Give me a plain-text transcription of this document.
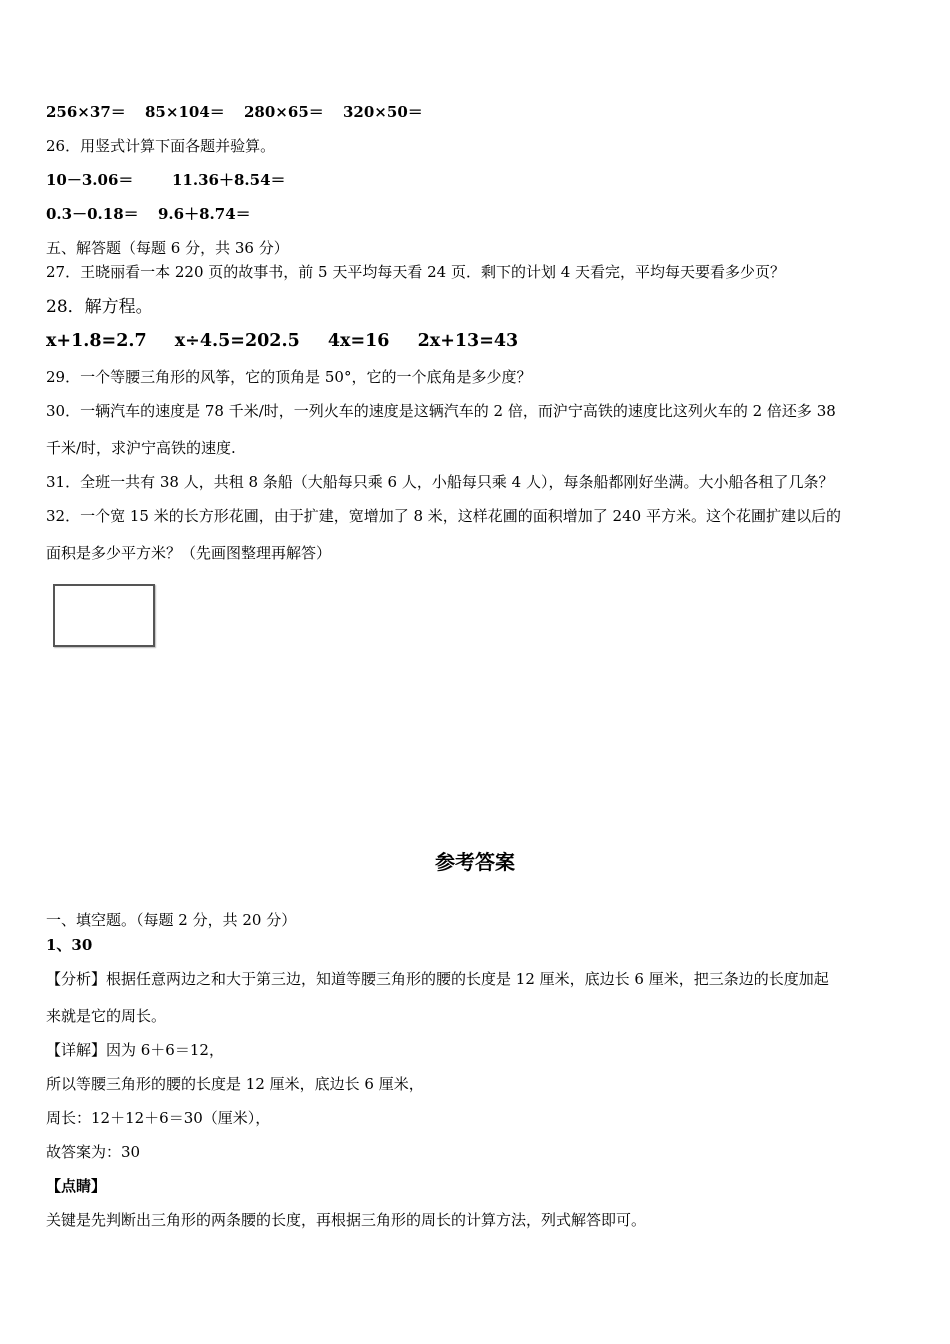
256×37＝ 85×104＝ 280×65＝ 320×50＝
26．用竖式计算下面各题并验算。
10－3.06＝	11.36＋8.54＝
0.3－0.18＝ 9.6＋8.74＝
五、解答题（每题 6 分，共 36 分）
27．王晓丽看一本 220 页的故事书，前 5 天平均每天看 24 页．剩下的计划 4 天看完，平均每天要看多少页？
28．解方程。
x+1.8=2.7 x÷4.5=202.5 4x=16 2x+13=43
29．一个等腰三角形的风筝，它的顶角是 50°，它的一个底角是多少度？
30．一辆汽车的速度是 78 千米/时，一列火车的速度是这辆汽车的 2 倍，而沪宁高铁的速度比这列火车的 2 倍还多 38
千米/时，求沪宁高铁的速度.
31．全班一共有 38 人，共租 8 条船（大船每只乘 6 人，小船每只乘 4 人），每条船都刚好坐满。大小船各租了几条？
32．一个宽 15 米的长方形花圃，由于扩建，宽增加了 8 米，这样花圃的面积增加了 240 平方米。这个花圃扩建以后的
面积是多少平方米？（先画图整理再解答）
参考答案
一、填空题。（每题 2 分，共 20 分）
1、30
【分析】根据任意两边之和大于第三边，知道等腰三角形的腰的长度是 12 厘米，底边长 6 厘米，把三条边的长度加起
来就是它的周长。
【详解】因为 6＋6＝12，
所以等腰三角形的腰的长度是 12 厘米，底边长 6 厘米，
周长：12＋12＋6＝30（厘米），
故答案为：30
【点睛】
关键是先判断出三角形的两条腰的长度，再根据三角形的周长的计算方法，列式解答即可。
